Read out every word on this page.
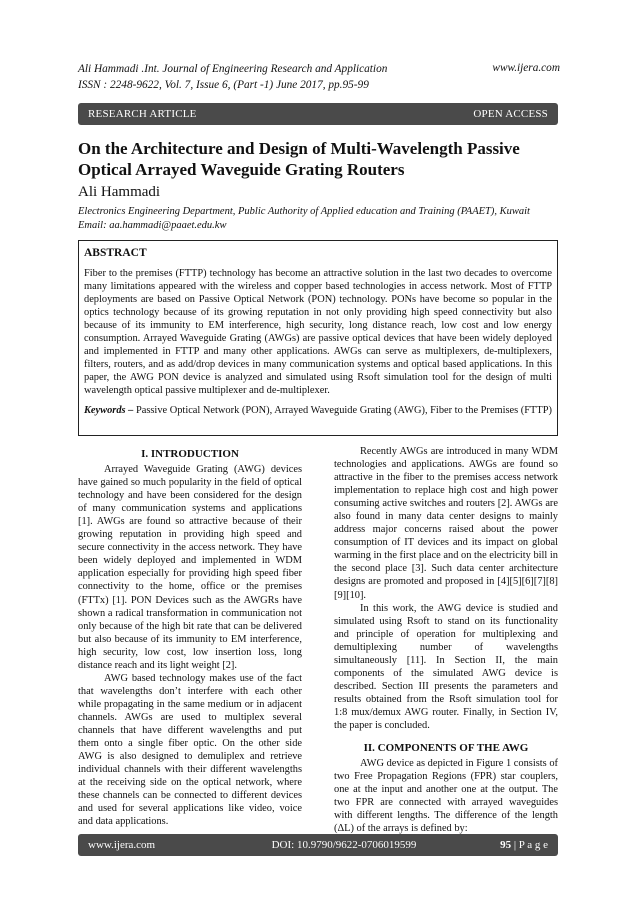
Ali Hammadi .Int. Journal of Engineering Research and Application
ISSN : 2248-9622, Vol. 7, Issue 6, (Part -1) June 2017, pp.95-99
www.ijera.com
RESEARCH ARTICLE	OPEN ACCESS
On the Architecture and Design of Multi-Wavelength Passive Optical Arrayed Waveguide Grating Routers
Ali Hammadi
Electronics Engineering Department, Public Authority of Applied education and Training (PAAET), Kuwait
Email: aa.hammadi@paaet.edu.kw
ABSTRACT
Fiber to the premises (FTTP) technology has become an attractive solution in the last two decades to overcome many limitations appeared with the wireless and copper based technologies in access network. Most of FTTP deployments are based on Passive Optical Network (PON) technology. PONs have become so popular in the optics technology because of its growing reputation in not only providing high speed connectivity but also because of its immunity to EM interference, high security, long distance reach, low cost and low energy consumption. Arrayed Waveguide Grating (AWGs) are passive optical devices that have been widely deployed and implemented in FTTP and many other applications. AWGs can serve as multiplexers, de-multiplexers, filters, routers, and as add/drop devices in many communication systems and optical based applications. In this paper, the AWG PON device is analyzed and simulated using Rsoft simulation tool for the design of multi wavelength optical passive multiplexer and de-multiplexer.
Keywords – Passive Optical Network (PON), Arrayed Waveguide Grating (AWG), Fiber to the Premises (FTTP)
I. INTRODUCTION

Arrayed Waveguide Grating (AWG) devices have gained so much popularity in the field of optical technology and have been considered for the design of many communication systems and applications [1]. AWGs are found so attractive because of their growing reputation in providing high speed and secure connectivity in the access network. They have been widely deployed and implemented in WDM application especially for providing high speed fiber connectivity to the home, office or the premises (FTTx) [1]. PON Devices such as the AWGRs have shown a radical transformation in communication not only because of the high bit rate that can be delivered but also because of its immunity to EM interference, high security, low cost, low insertion loss, long distance reach and its light weight [2].

AWG based technology makes use of the fact that wavelengths don’t interfere with each other while propagating in the same medium or in adjacent channels. AWGs are used to multiplex several channels that have different wavelengths and put them onto a single fiber optic. On the other side AWG is also designed to demuliplex and retrieve individual channels with their different wavelengths at the receiving side on the optical network, where these channels can be connected to different devices and used for several applications like video, voice and data applications.

Recently AWGs are introduced in many WDM technologies and applications. AWGs are found so attractive in the fiber to the premises access network implementation to replace high cost and high power consuming active switches and routers [2]. AWGs are also found in many data center designs to mainly address major concerns raised about the power consumption of IT devices and its impact on global warming in the first place and on the electricity bill in the second place [3]. Such data center architecture designs are promoted and proposed in [4][5][6][7][8][9][10].

In this work, the AWG device is studied and simulated using Rsoft to stand on its functionality and principle of operation for multiplexing and demultiplexing number of wavelengths simultaneously [11]. In Section II, the main components of the simulated AWG device is described. Section III presents the parameters and results obtained from the Rsoft simulation tool for 1:8 mux/demux AWG router. Finally, in Section IV, the paper is concluded.

II. COMPONENTS OF THE AWG

AWG device as depicted in Figure 1 consists of two Free Propagation Regions (FPR) star couplers, one at the input and another one at the output. The two FPR are connected with arrayed waveguides with different lengths. The difference of the length (ΔL) of the arrays is defined by:

www.ijera.com	DOI: 10.9790/9622-0706019599	95 | P a g e
